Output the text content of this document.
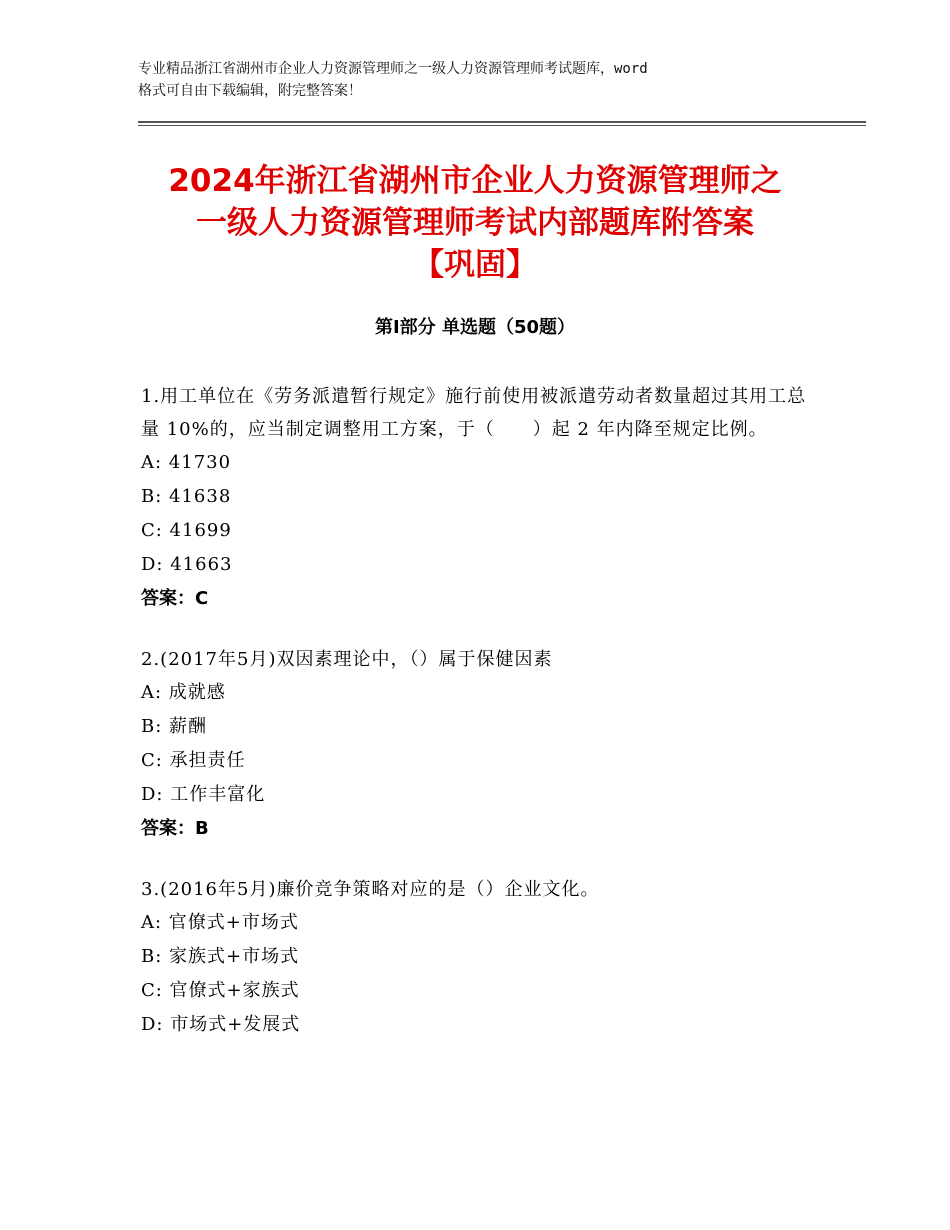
专业精品浙江省湖州市企业人力资源管理师之一级人力资源管理师考试题库，word
格式可自由下载编辑，附完整答案！
2024年浙江省湖州市企业人力资源管理师之
一级人力资源管理师考试内部题库附答案
【巩固】
第Ⅰ部分 单选题（50题）
1.用工单位在《劳务派遣暂行规定》施行前使用被派遣劳动者数量超过其用工总量 10%的，应当制定调整用工方案，于（　　）起 2 年内降至规定比例。
A: 41730
B: 41638
C: 41699
D: 41663
答案：C
2.(2017年5月)双因素理论中，（）属于保健因素
A: 成就感
B: 薪酬
C: 承担责任
D: 工作丰富化
答案：B
3.(2016年5月)廉价竞争策略对应的是（）企业文化。
A: 官僚式+市场式
B: 家族式+市场式
C: 官僚式+家族式
D: 市场式+发展式
